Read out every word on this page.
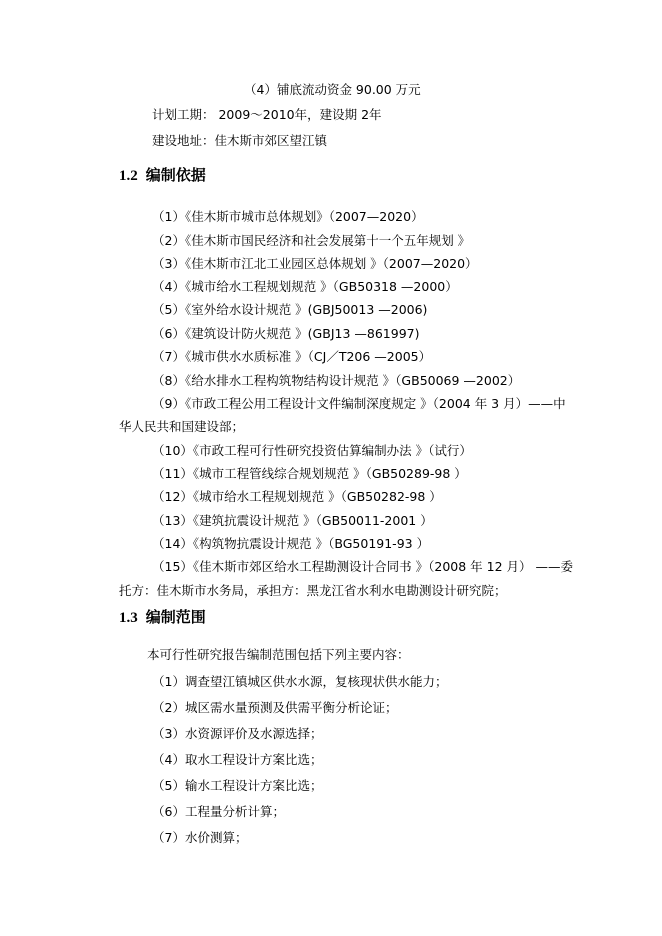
（4）铺底流动资金 90.00 万元
计划工期： 2009～2010年，建设期 2年
建设地址：佳木斯市郊区望江镇
1.2 编制依据
（1）《佳木斯市城市总体规划》（2007—2020）
（2）《佳木斯市国民经济和社会发展第十一个五年规划 》
（3）《佳木斯市江北工业园区总体规划 》（2007—2020）
（4）《城市给水工程规划规范 》（GB50318 —2000）
（5）《室外给水设计规范 》(GBJ50013 —2006)
（6）《建筑设计防火规范 》(GBJ13 —861997)
（7）《城市供水水质标准 》（CJ／T206 —2005）
（8）《给水排水工程构筑物结构设计规范 》（GB50069 —2002）
（9）《市政工程公用工程设计文件编制深度规定 》（2004 年 3 月）——中
华人民共和国建设部；
（10）《市政工程可行性研究投资估算编制办法 》（试行）
（11）《城市工程管线综合规划规范 》（GB50289-98 ）
（12）《城市给水工程规划规范 》（GB50282-98 ）
（13）《建筑抗震设计规范 》（GB50011-2001 ）
（14）《构筑物抗震设计规范 》（BG50191-93 ）
（15）《佳木斯市郊区给水工程勘测设计合同书 》（2008 年 12 月） ——委
托方：佳木斯市水务局，承担方：黑龙江省水利水电勘测设计研究院；
1.3 编制范围
本可行性研究报告编制范围包括下列主要内容：
（1）调查望江镇城区供水水源，复核现状供水能力；
（2）城区需水量预测及供需平衡分析论证；
（3）水资源评价及水源选择；
（4）取水工程设计方案比选；
（5）输水工程设计方案比选；
（6）工程量分析计算；
（7）水价测算；
